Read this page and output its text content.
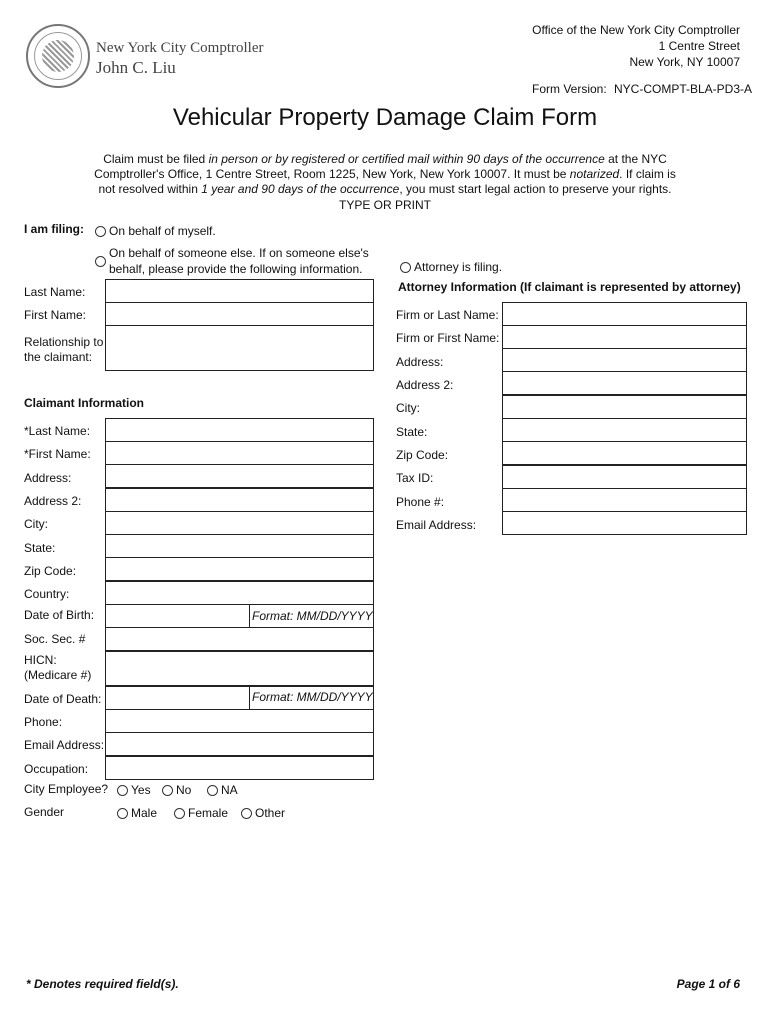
New York City Comptroller
John C. Liu
Office of the New York City Comptroller
1 Centre Street
New York, NY 10007
Form Version: NYC-COMPT-BLA-PD3-A
Vehicular Property Damage Claim Form
Claim must be filed in person or by registered or certified mail within 90 days of the occurrence at the NYC
Comptroller's Office, 1 Centre Street, Room 1225, New York, New York 10007. It must be notarized. If claim is
not resolved within 1 year and 90 days of the occurrence, you must start legal action to preserve your rights.
TYPE OR PRINT
I am filing: On behalf of myself.
On behalf of someone else. If on someone else's
behalf, please provide the following information.	Attorney is filing.
Last Name:
First Name:
Relationship to
the claimant:
Attorney Information (If claimant is represented by attorney)
Firm or Last Name:
Firm or First Name:
Address:
Address 2:
City:
State:
Zip Code:
Tax ID:
Phone #:
Email Address:
Claimant Information
*Last Name:
*First Name:
Address:
Address 2:
City:
State:
Zip Code:
Country:
Date of Birth:	Format: MM/DD/YYYY
Soc. Sec. #
HICN:
(Medicare #)
Date of Death:	Format: MM/DD/YYYY
Phone:
Email Address:
Occupation:
City Employee? Yes No NA
Gender	Male	Female Other
* Denotes required field(s).	Page 1 of 6
